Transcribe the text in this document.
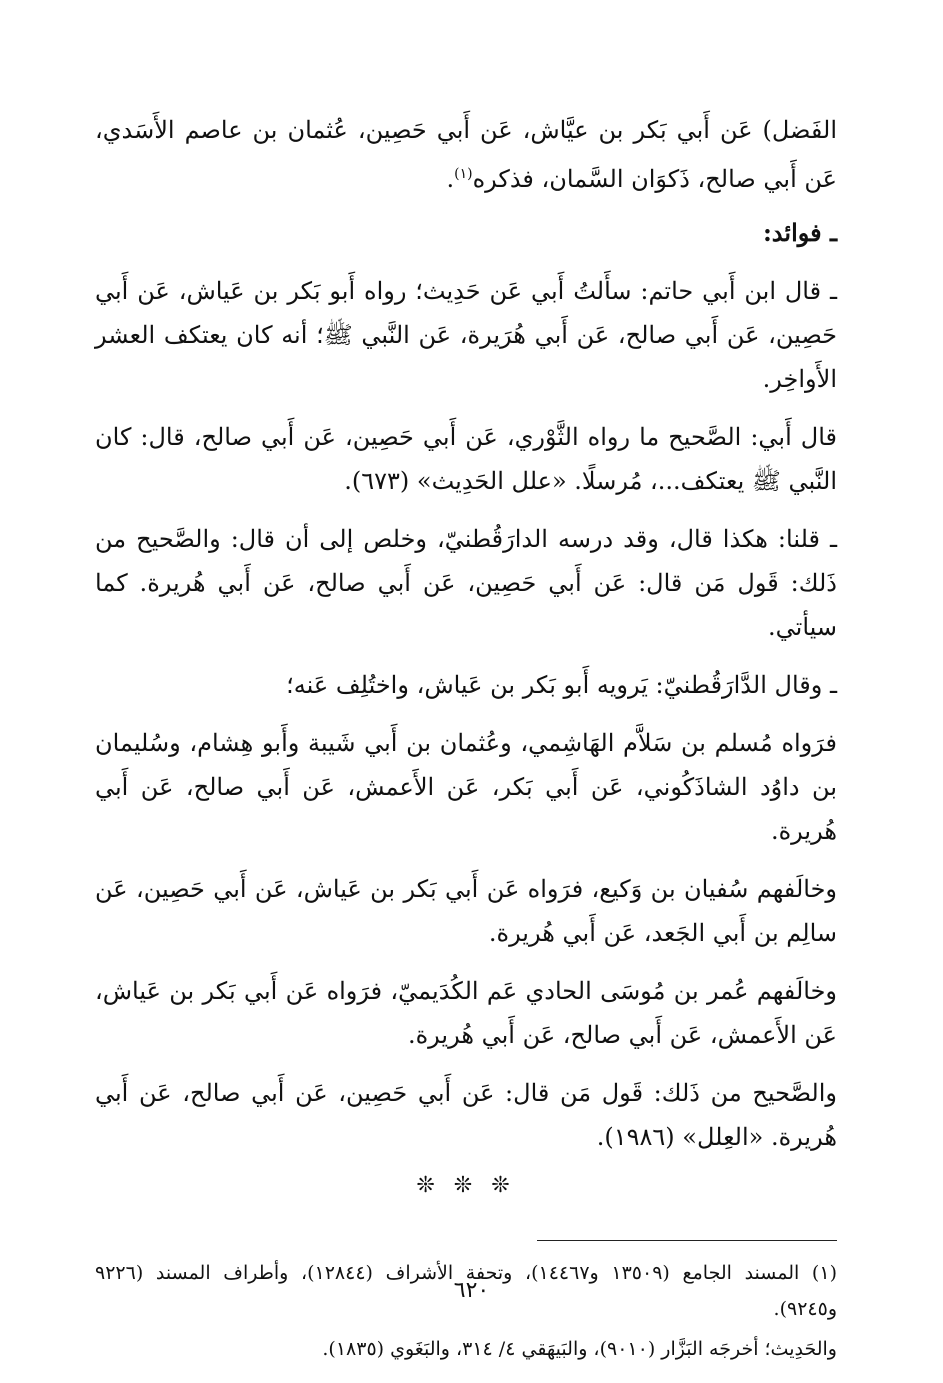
الفَضل) عَن أَبي بَكر بن عيَّاش، عَن أَبي حَصِين، عُثمان بن عاصم الأَسَدي، عَن أَبي صالح، ذَكوَان السَّمان، فذكره$^{(١)}$.

ـ فوائد:

ـ قال ابن أَبي حاتم: سأَلتُ أَبي عَن حَدِيث؛ رواه أَبو بَكر بن عَياش، عَن أَبي حَصِين، عَن أَبي صالح، عَن أَبي هُرَيرة، عَن النَّبي ﷺ؛ أنه كان يعتكف العشر الأَواخِر.

قال أَبي: الصَّحيح ما رواه الثَّوْري، عَن أَبي حَصِين، عَن أَبي صالح، قال: كان النَّبي ﷺ يعتكف...، مُرسلًا. «علل الحَدِيث» (٦٧٣).

ـ قلنا: هكذا قال، وقد درسه الدارَقُطنيّ، وخلص إلى أن قال: والصَّحيح من ذَلك: قَول مَن قال: عَن أَبي حَصِين، عَن أَبي صالح، عَن أَبي هُريرة. كما سيأتي.

ـ وقال الدَّارَقُطنيّ: يَرويه أَبو بَكر بن عَياش، واختُلِف عَنه؛

فرَواه مُسلم بن سَلاَّم الهَاشِمي، وعُثمان بن أَبي شَيبة وأَبو هِشام، وسُليمان بن داوُد الشاذَكُوني، عَن أَبي بَكر، عَن الأَعمش، عَن أَبي صالح، عَن أَبي هُريرة.

وخالَفهم سُفيان بن وَكيع، فرَواه عَن أَبي بَكر بن عَياش، عَن أَبي حَصِين، عَن سالِم بن أَبي الجَعد، عَن أَبي هُريرة.

وخالَفهم عُمر بن مُوسَى الحادي عَم الكُدَيميّ، فرَواه عَن أَبي بَكر بن عَياش، عَن الأَعمش، عَن أَبي صالح، عَن أَبي هُريرة.

والصَّحيح من ذَلك: قَول مَن قال: عَن أَبي حَصِين، عَن أَبي صالح، عَن أَبي هُريرة. «العِلل» (١٩٨٦).

❊ ❊ ❊

(١) المسند الجامع (١٣٥٠٩ و١٤٤٦٧)، وتحفة الأشراف (١٢٨٤٤)، وأطراف المسند (٩٢٢٦ و٩٢٤٥).

والحَدِيث؛ أخرجَه البَزَّار (٩٠١٠)، والبَيهَقي ٤/ ٣١٤، والبَغَوي (١٨٣٥).

٦٢٠
